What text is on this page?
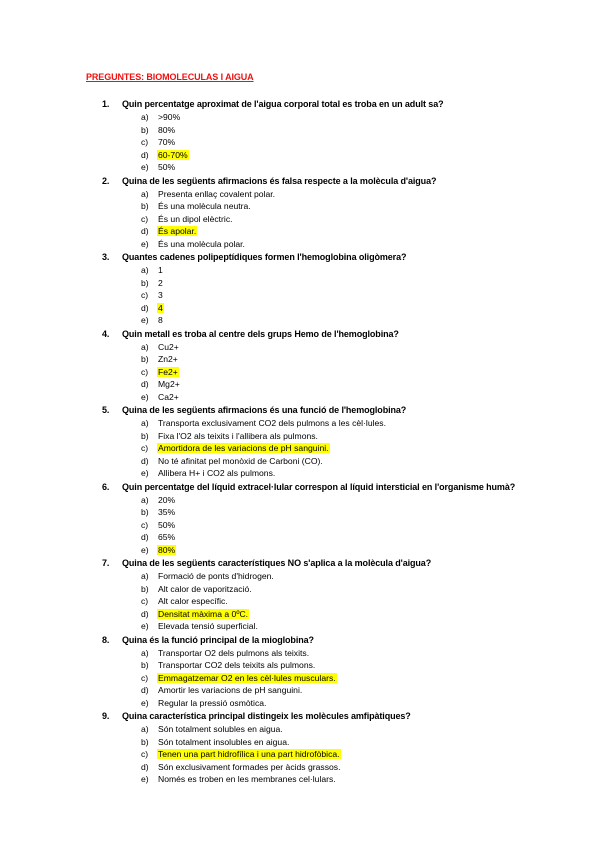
PREGUNTES: BIOMOLECULAS I AIGUA
1. Quin percentatge aproximat de l'aigua corporal total es troba en un adult sa?
a) >90%
b) 80%
c) 70%
d) 60-70%
e) 50%
2. Quina de les següents afirmacions és falsa respecte a la molècula d'aigua?
a) Presenta enllaç covalent polar.
b) És una molècula neutra.
c) És un dipol elèctric.
d) És apolar.
e) És una molècula polar.
3. Quantes cadenes polipeptídiques formen l'hemoglobina oligòmera?
a) 1
b) 2
c) 3
d) 4
e) 8
4. Quin metall es troba al centre dels grups Hemo de l'hemoglobina?
a) Cu2+
b) Zn2+
c) Fe2+
d) Mg2+
e) Ca2+
5. Quina de les següents afirmacions és una funció de l'hemoglobina?
a) Transporta exclusivament CO2 dels pulmons a les cèl·lules.
b) Fixa l'O2 als teixits i l'allibera als pulmons.
c) Amortidora de les variacions de pH sanguini.
d) No té afinitat pel monòxid de Carboni (CO).
e) Allibera H+ i CO2 als pulmons.
6. Quin percentatge del líquid extracel·lular correspon al líquid intersticial en l'organisme humà?
a) 20%
b) 35%
c) 50%
d) 65%
e) 80%
7. Quina de les següents característiques NO s'aplica a la molècula d'aigua?
a) Formació de ponts d'hidrogen.
b) Alt calor de vaporització.
c) Alt calor específic.
d) Densitat màxima a 0ºC.
e) Elevada tensió superficial.
8. Quina és la funció principal de la mioglobina?
a) Transportar O2 dels pulmons als teixits.
b) Transportar CO2 dels teixits als pulmons.
c) Emmagatzemar O2 en les cèl·lules musculars.
d) Amortir les variacions de pH sanguini.
e) Regular la pressió osmòtica.
9. Quina característica principal distingeix les molècules amfipàtiques?
a) Són totalment solubles en aigua.
b) Són totalment insolubles en aigua.
c) Tenen una part hidrofílica i una part hidrofòbica.
d) Són exclusivament formades per àcids grassos.
e) Només es troben en les membranes cel·lulars.
